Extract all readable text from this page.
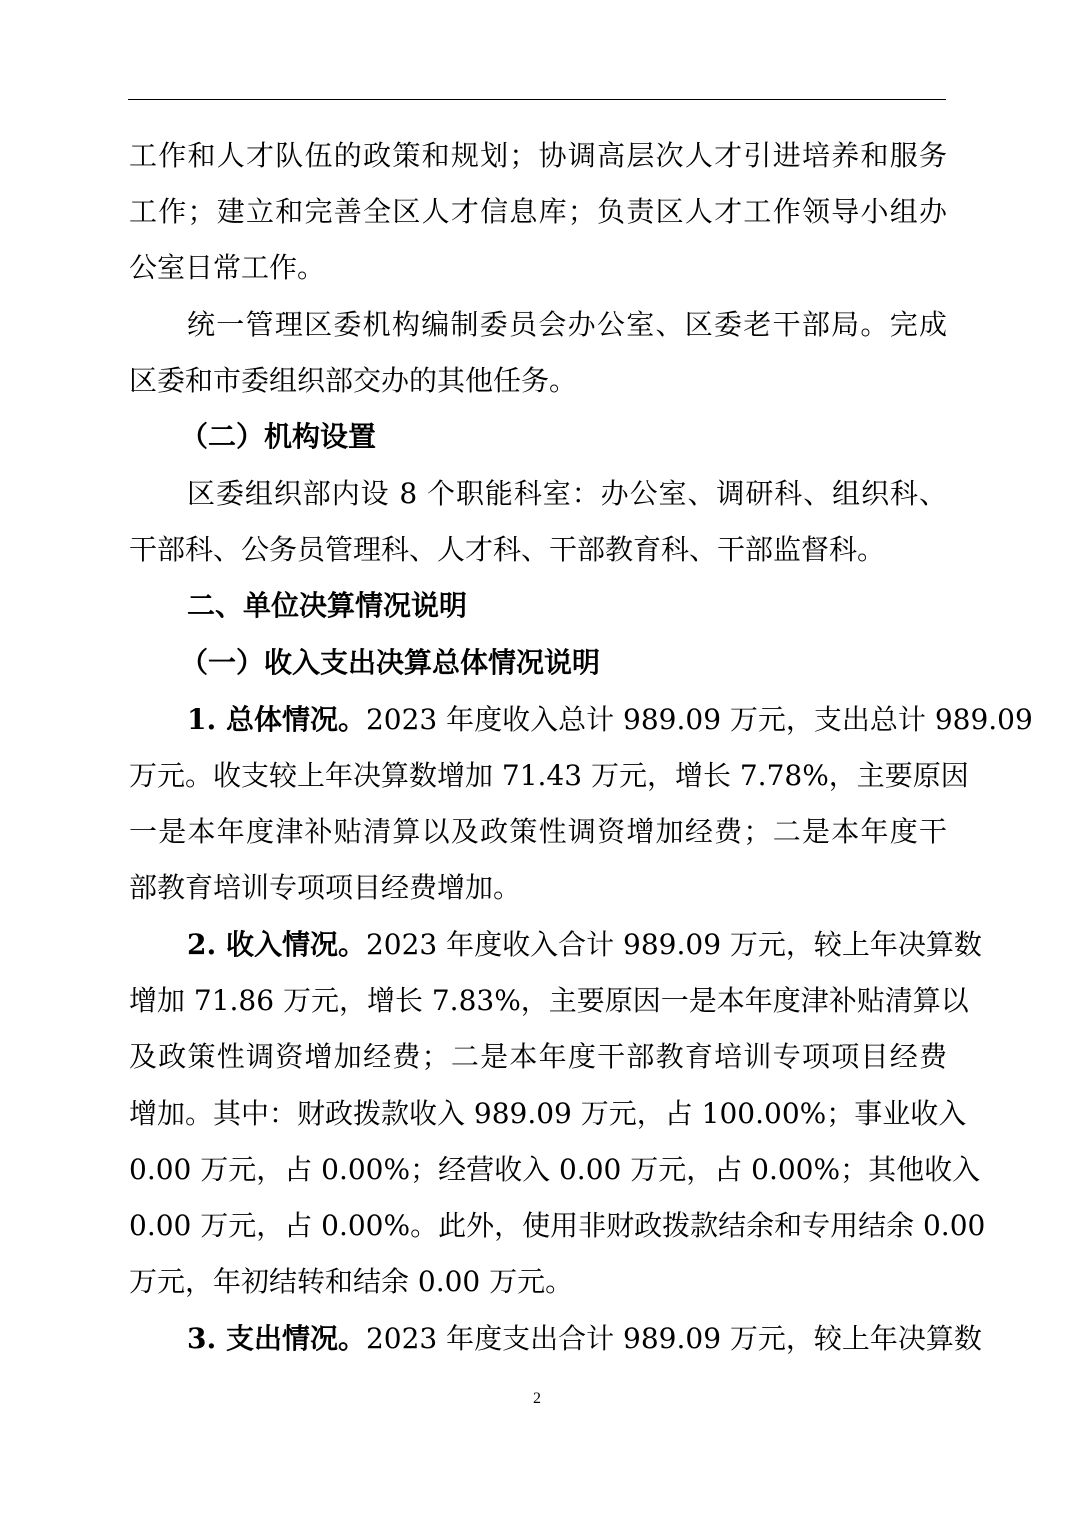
工作和人才队伍的政策和规划；协调高层次人才引进培养和服务
工作；建立和完善全区人才信息库；负责区人才工作领导小组办
公室日常工作。
统一管理区委机构编制委员会办公室、区委老干部局。完成
区委和市委组织部交办的其他任务。
（二）机构设置
区委组织部内设 8 个职能科室：办公室、调研科、组织科、
干部科、公务员管理科、人才科、干部教育科、干部监督科。
二、单位决算情况说明
（一）收入支出决算总体情况说明
1. 总体情况。2023 年度收入总计 989.09 万元，支出总计 989.09
万元。收支较上年决算数增加 71.43 万元，增长 7.78%，主要原因
一是本年度津补贴清算以及政策性调资增加经费；二是本年度干
部教育培训专项项目经费增加。
2. 收入情况。2023 年度收入合计 989.09 万元，较上年决算数
增加 71.86 万元，增长 7.83%，主要原因一是本年度津补贴清算以
及政策性调资增加经费；二是本年度干部教育培训专项项目经费
增加。其中：财政拨款收入 989.09 万元，占 100.00%；事业收入
0.00 万元，占 0.00%；经营收入 0.00 万元，占 0.00%；其他收入
0.00 万元，占 0.00%。此外，使用非财政拨款结余和专用结余 0.00
万元，年初结转和结余 0.00 万元。
3. 支出情况。2023 年度支出合计 989.09 万元，较上年决算数
2
